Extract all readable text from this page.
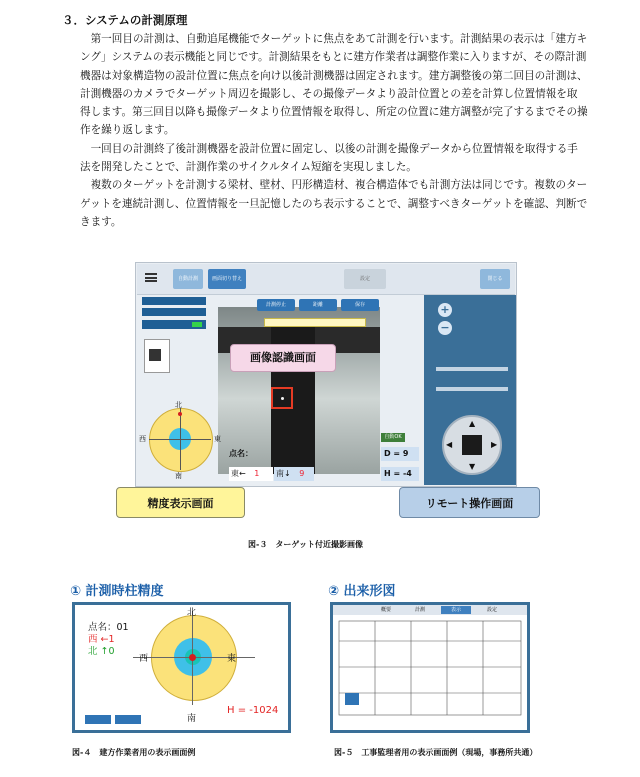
３．システムの計測原理

第一回目の計測は、自動追尾機能でターゲットに焦点をあて計測を行います。計測結果の表示は「建方キング」システムの表示機能と同じです。計測結果をもとに建方作業者は調整作業に入りますが、その際計測機器は対象構造物の設計位置に焦点を向け以後計測機器は固定されます。建方調整後の第二回目の計測は、計測機器のカメラでターゲット周辺を撮影し、その撮像データより設計位置との差を計算し位置情報を取得します。第三回目以降も撮像データより位置情報を取得し、所定の位置に建方調整が完了するまでその操作を繰り返します。

一回目の計測終了後計測機器を設計位置に固定し、以後の計測を撮像データから位置情報を取得する手法を開発したことで、計測作業のサイクルタイム短縮を実現しました。

複数のターゲットを計測する梁材、壁材、円形構造材、複合構造体でも計測方法は同じです。複数のターゲットを連続計測し、位置情報を一旦記憶したのち表示することで、調整すべきターゲットを確認、判断できます。

自動計測	画面切り替え	設定	閉じる
計測停止	距離	保存
画像認識画面
北
南
東
西
点名：
東← 1	南↓ 9
自動OK
D = 9
H = -4
+
−
▲
▼
◀	▶
精度表示画面	リモート操作画面
図-３　ターゲット付近撮影画像
① 計測時柱精度
北
南
東
西
点名：01
西 ←1
北 ↑0
H = -1024
図-４　建方作業者用の表示画面例
② 出来形図
概要	計測	表示	設定
図-５　工事監理者用の表示画面例（現場，事務所共通）
